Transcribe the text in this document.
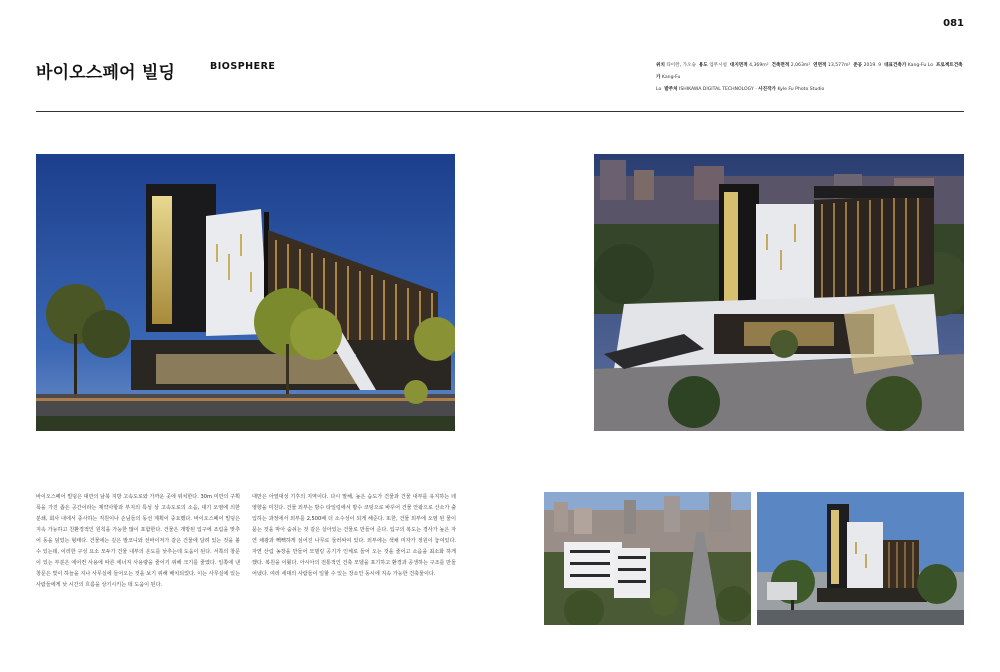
081
바이오스페어 빌딩	BIOSPHERE	위치 타이완, 가오슝 용도 업무시설 대지면적 4,369m² 건축면적 2,063m² 연면적 13,577m² 준공 2019. 9 대표건축가 Kang-Fu Lo 프로젝트건축가 Kang-Fu
Lo 발주처 ISHIKAWA DIGITAL TECHNOLOGY · 사진작가 Kyle Fu Photo Studio

바이오스페어 빌딩은 대만의 남북 지방 고속도로와 가까운 곳에 위치한다. 30m 미만의 구획 폭을 가진 좁은 공간이라는 제약사항과 부지의 특성 상 고속도로의 소음, 대기 오염에 의한 분쇄, 회사 내에서 종사하는 직원이나 손님들의 동선 계획이 중요했다. 바이오스페어 빌딩은 지속 가능하고 친환경적인 원칙을 가능한 많이 포함한다. 건물은 개방된 입구에 조림을 맞추어 동을 덮었는 형태다. 건물에는 깊은 발코니와 선바이저가 같은 건물에 달려 있는 것을 볼 수 있는데, 이러한 구성 요소 모두가 건물 내부의 온도를 낮추는데 도움이 된다. 서쪽의 창문이 있는 부분은 에어컨 사용에 따른 에너지 사용량을 줄이기 위해 크기를 줄였다. 일쪽에 낸 창문은 빛이 하늘을 지나 사무실에 들어오는 것을 보기 위해 배치되었다. 이는 사무실에 있는 사람들에게 낮 시간의 흐름을 상기시키는 데 도움이 된다.

대만은 아열대성 기후의 지역이다. 다시 말해, 높은 습도가 건물과 건물 내부를 유지하는 데 영향을 미친다. 건물 외부는 방수 타일링에서 방수 코팅으로 바꾸어 건물 안팎으로 산소가 출입하는 과정에서 외부를 2,500배 더 소수성이 되게 해준다. 또한, 건물 외부에 오염 된 물이 묻는 것을 막아 숨쉬는 것 같은 살아있는 건물로 만들어 준다. 입구의 복도는 경사가 높은 자연 채광과 빽빽하게 심어진 나무로 둘러싸여 있다. 외부에는 색채 미자가 정원이 놓여있다. 자연 산림 농장을 만들어 모델링 공기가 인체로 들어 오는 것을 줄이고 소음을 최소화 하게 했다. 복원을 이뤘다. 아시아의 전통적인 건축 모델을 포기하고 환경과 공생하는 구조를 만들어냈다. 여러 세대의 사람들이 일할 수 있는 장소인 동시에 지속 가능한 건축물이다.
